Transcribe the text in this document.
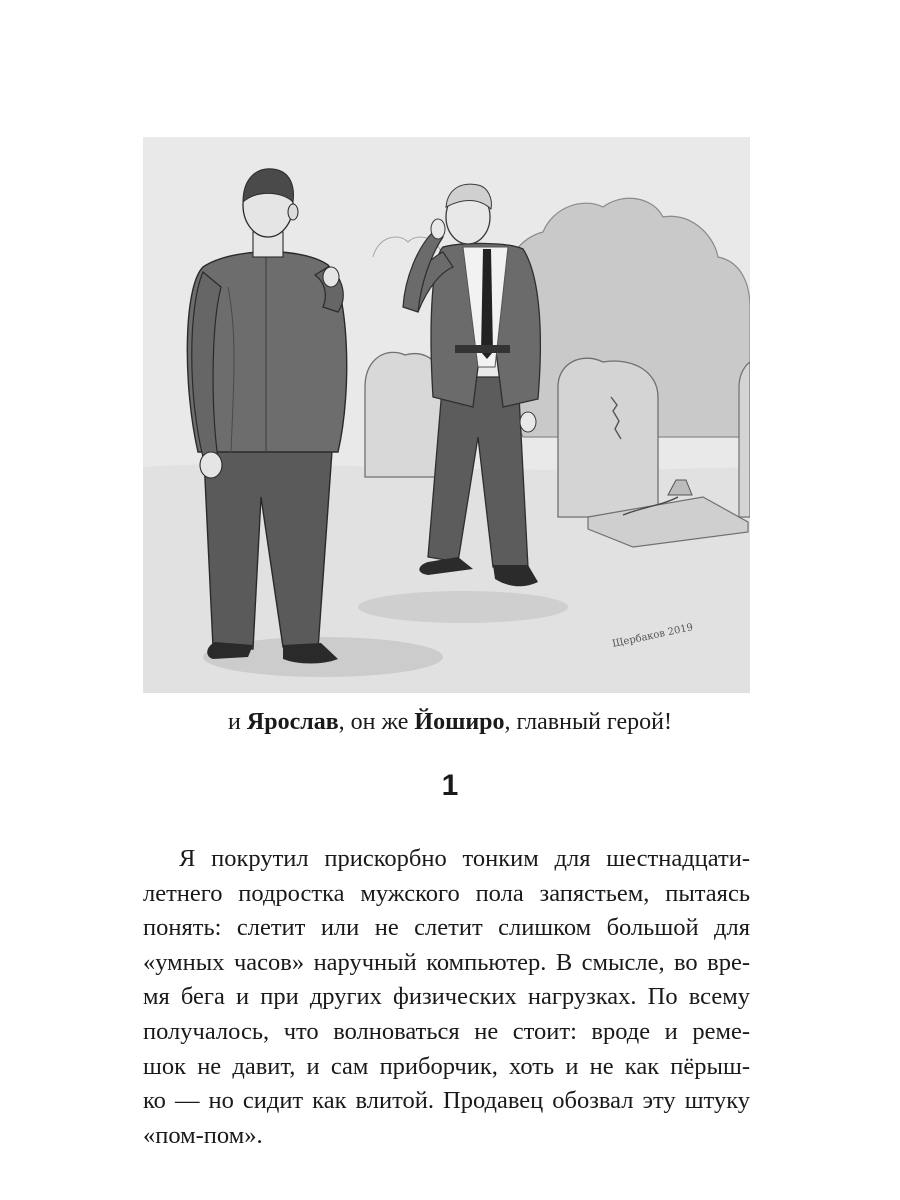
Щербаков 2019
и Ярослав, он же Йоширо, главный герой!
1
Я покрутил прискорбно тонким для шестнадцати-
летнего подростка мужского пола запястьем, пытаясь
понять: слетит или не слетит слишком большой для
«умных часов» наручный компьютер. В смысле, во вре-
мя бега и при других физических нагрузках. По всему
получалось, что волноваться не стоит: вроде и реме-
шок не давит, и сам приборчик, хоть и не как пёрыш-
ко — но сидит как влитой. Продавец обозвал эту штуку
«пом-пом».
